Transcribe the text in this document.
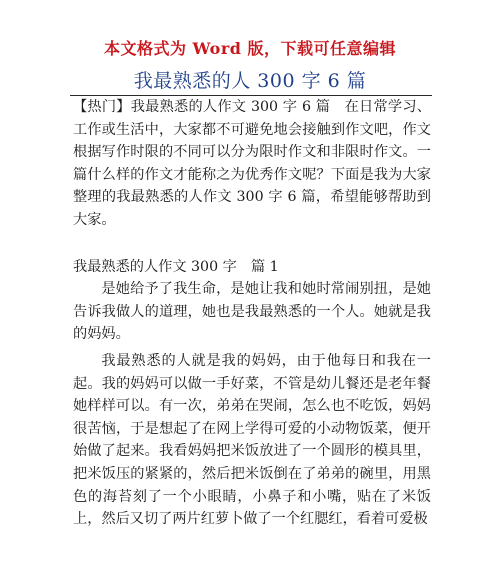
本文格式为 Word 版，下载可任意编辑
我最熟悉的人 300 字 6 篇

【热门】我最熟悉的人作文 300 字 6 篇　在日常学习、工作或生活中，大家都不可避免地会接触到作文吧，作文根据写作时限的不同可以分为限时作文和非限时作文。一篇什么样的作文才能称之为优秀作文呢？下面是我为大家整理的我最熟悉的人作文 300 字 6 篇，希望能够帮助到大家。

我最熟悉的人作文 300 字　篇 1

是她给予了我生命，是她让我和她时常闹别扭，是她告诉我做人的道理，她也是我最熟悉的一个人。她就是我的妈妈。

我最熟悉的人就是我的妈妈，由于他每日和我在一起。我的妈妈可以做一手好菜，不管是幼儿餐还是老年餐她样样可以。有一次，弟弟在哭闹，怎么也不吃饭，妈妈很苦恼，于是想起了在网上学得可爱的小动物饭菜，便开始做了起来。我看妈妈把米饭放进了一个圆形的模具里，把米饭压的紧紧的，然后把米饭倒在了弟弟的碗里，用黑色的海苔刻了一个小眼睛，小鼻子和小嘴，贴在了米饭上，然后又切了两片红萝卜做了一个红腮红，看着可爱极
